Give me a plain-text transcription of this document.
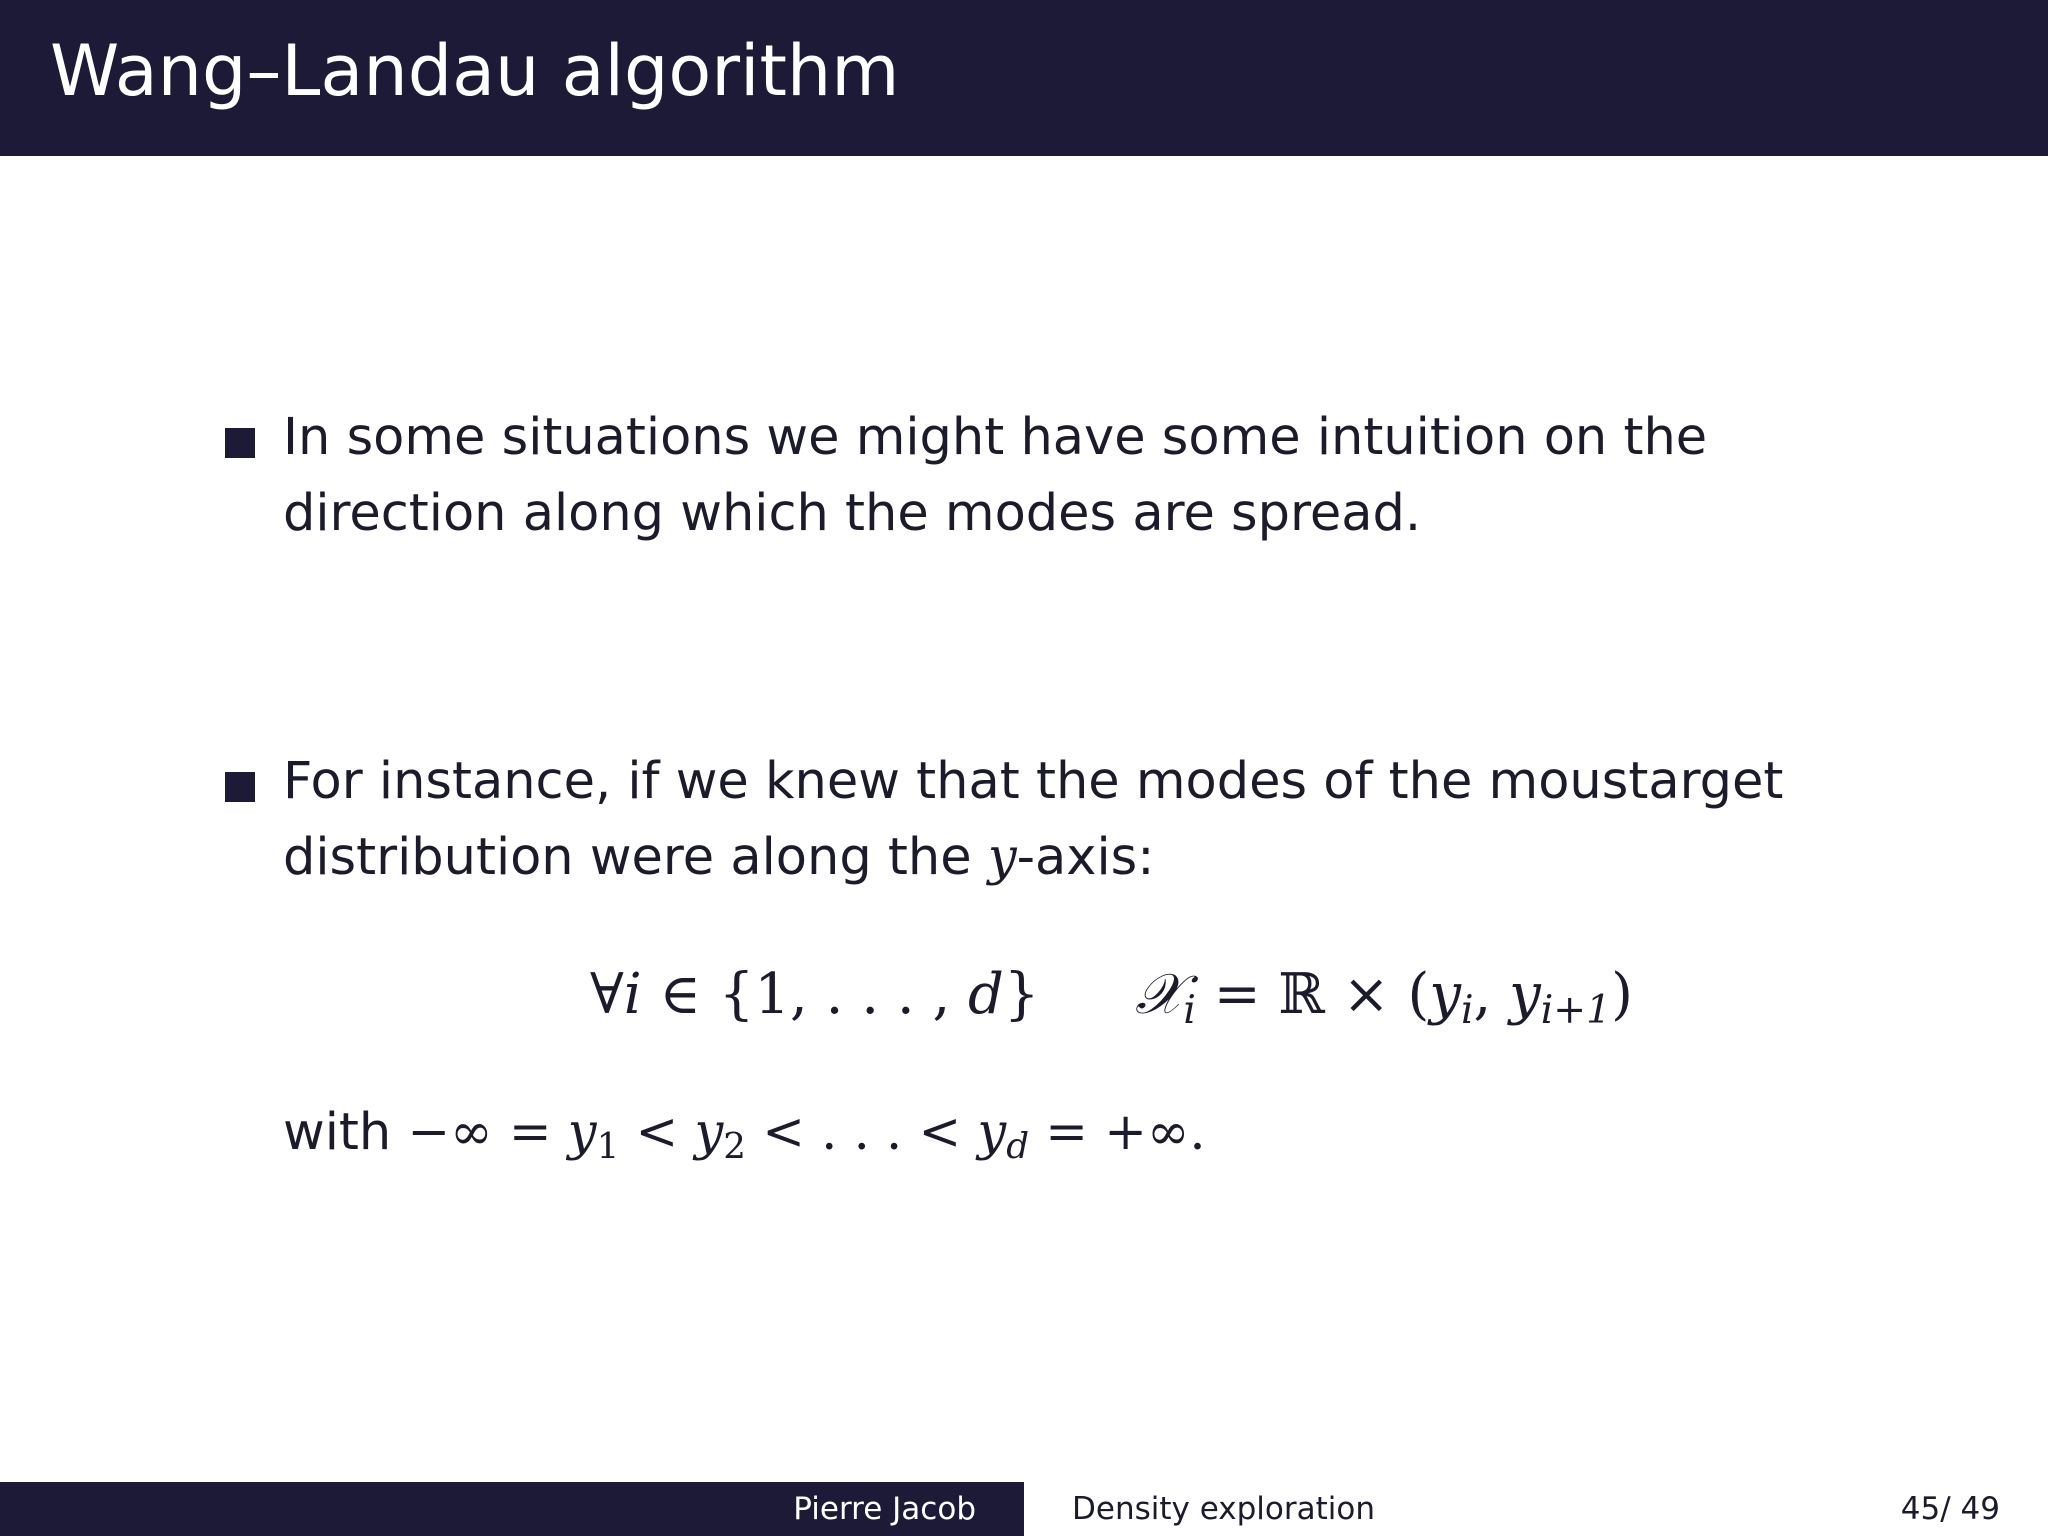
Wang–Landau algorithm
In some situations we might have some intuition on the
direction along which the modes are spread.
For instance, if we knew that the modes of the moustarget
distribution were along the y-axis:
∀i ∈ {1, . . . , d} 𝒳$_i$ = ℝ × ($y_i$, $y_{i+1}$)
with −∞ = $y_1 < y_2$ < . . . < $y_d$ = +∞.
Pierre Jacob	Density exploration	45/ 49
